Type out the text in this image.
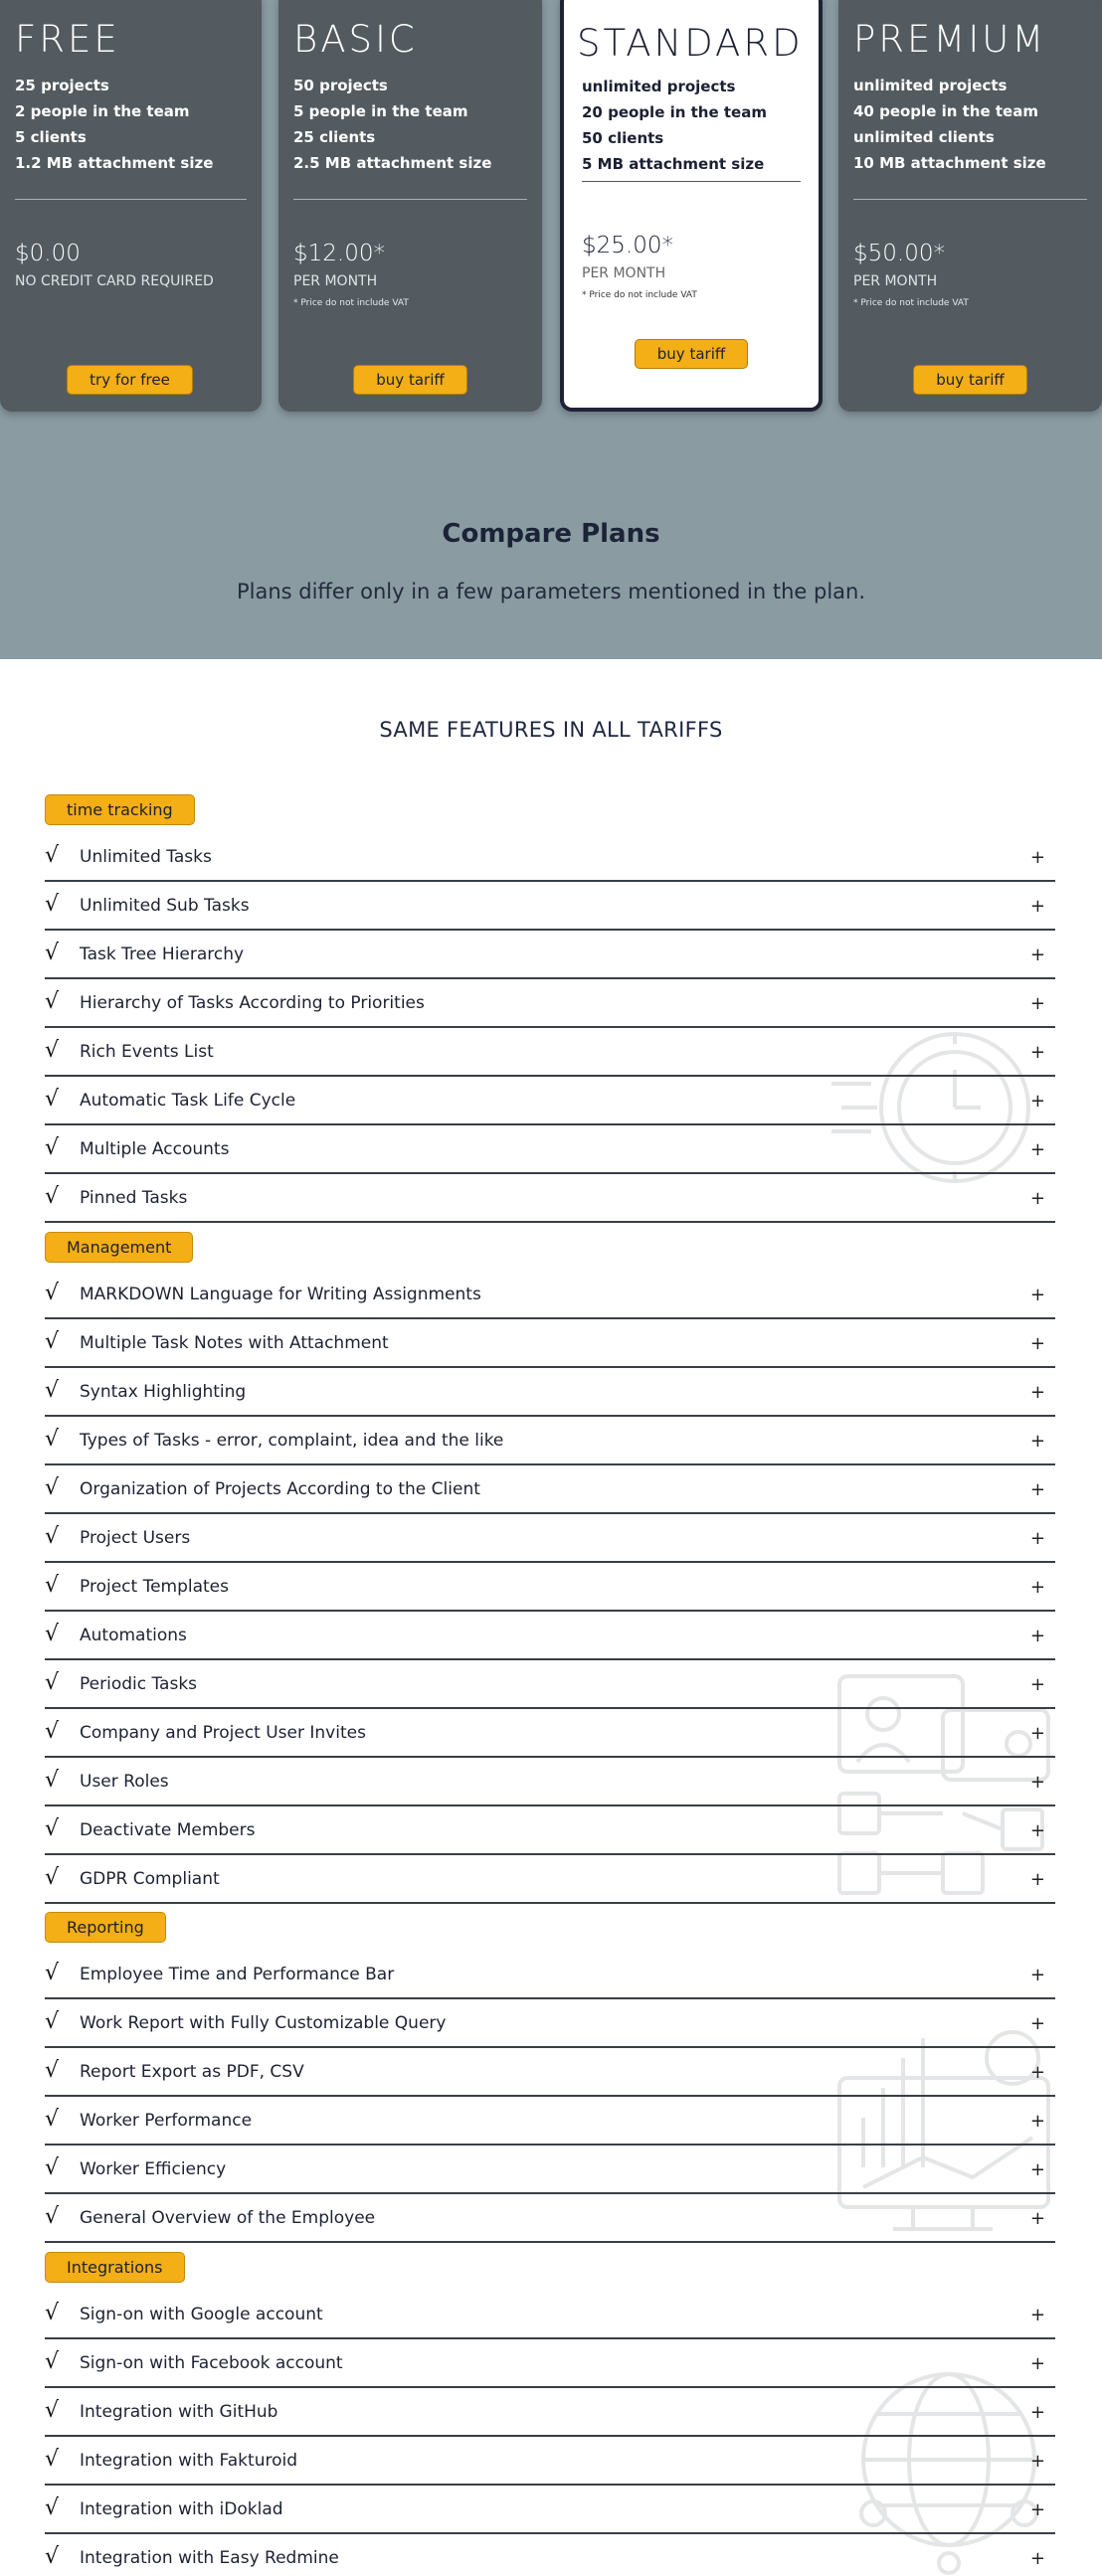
FREE
25 projects
2 people in the team
5 clients
1.2 MB attachment size
$0.00
NO CREDIT CARD REQUIRED
try for free
BASIC
50 projects
5 people in the team
25 clients
2.5 MB attachment size
$12.00*
PER MONTH
* Price do not include VAT
buy tariff
STANDARD
unlimited projects
20 people in the team
50 clients
5 MB attachment size
$25.00*
PER MONTH
* Price do not include VAT
buy tariff
PREMIUM
unlimited projects
40 people in the team
unlimited clients
10 MB attachment size
$50.00*
PER MONTH
* Price do not include VAT
buy tariff
Compare Plans

Plans differ only in a few parameters mentioned in the plan.

SAME FEATURES IN ALL TARIFFS
time tracking
√ Unlimited Tasks	+
√ Unlimited Sub Tasks	+
√ Task Tree Hierarchy	+
√ Hierarchy of Tasks According to Priorities	+
√ Rich Events List	+
√ Automatic Task Life Cycle	+
√ Multiple Accounts	+
√ Pinned Tasks	+
Management
√ MARKDOWN Language for Writing Assignments	+
√ Multiple Task Notes with Attachment	+
√ Syntax Highlighting	+
√ Types of Tasks - error, complaint, idea and the like	+
√ Organization of Projects According to the Client	+
√ Project Users	+
√ Project Templates	+
√ Automations	+
√ Periodic Tasks	+
√ Company and Project User Invites	+
√ User Roles	+
√ Deactivate Members	+
√ GDPR Compliant	+
Reporting
√ Employee Time and Performance Bar	+
√ Work Report with Fully Customizable Query	+
√ Report Export as PDF, CSV	+
√ Worker Performance	+
√ Worker Efficiency	+
√ General Overview of the Employee	+
Integrations
√ Sign-on with Google account	+
√ Sign-on with Facebook account	+
√ Integration with GitHub	+
√ Integration with Fakturoid	+
√ Integration with iDoklad	+
√ Integration with Easy Redmine	+
